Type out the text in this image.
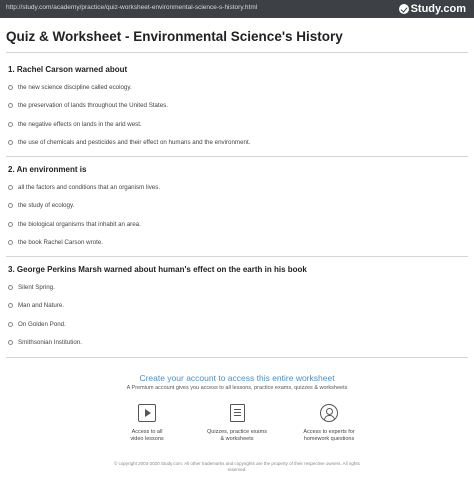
http://study.com/academy/practice/quiz-worksheet-environmental-science-s-history.html	Study.com
Quiz & Worksheet - Environmental Science's History
1. Rachel Carson warned about
the new science discipline called ecology.
the preservation of lands throughout the United States.
the negative effects on lands in the arid west.
the use of chemicals and pesticides and their effect on humans and the environment.
2. An environment is
all the factors and conditions that an organism lives.
the study of ecology.
the biological organisms that inhabit an area.
the book Rachel Carson wrote.
3. George Perkins Marsh warned about human's effect on the earth in his book
Silent Spring.
Man and Nature.
On Golden Pond.
Smithsonian Institution.
Create your account to access this entire worksheet
A Premium account gives you access to all lessons, practice exams, quizzes & worksheets
Access to all
video lessons
Quizzes, practice exams
& worksheets
Access to experts for
homework questions
© copyright 2003-2020 Study.com. All other trademarks and copyrights are the property of their respective owners. All rights
reserved.
